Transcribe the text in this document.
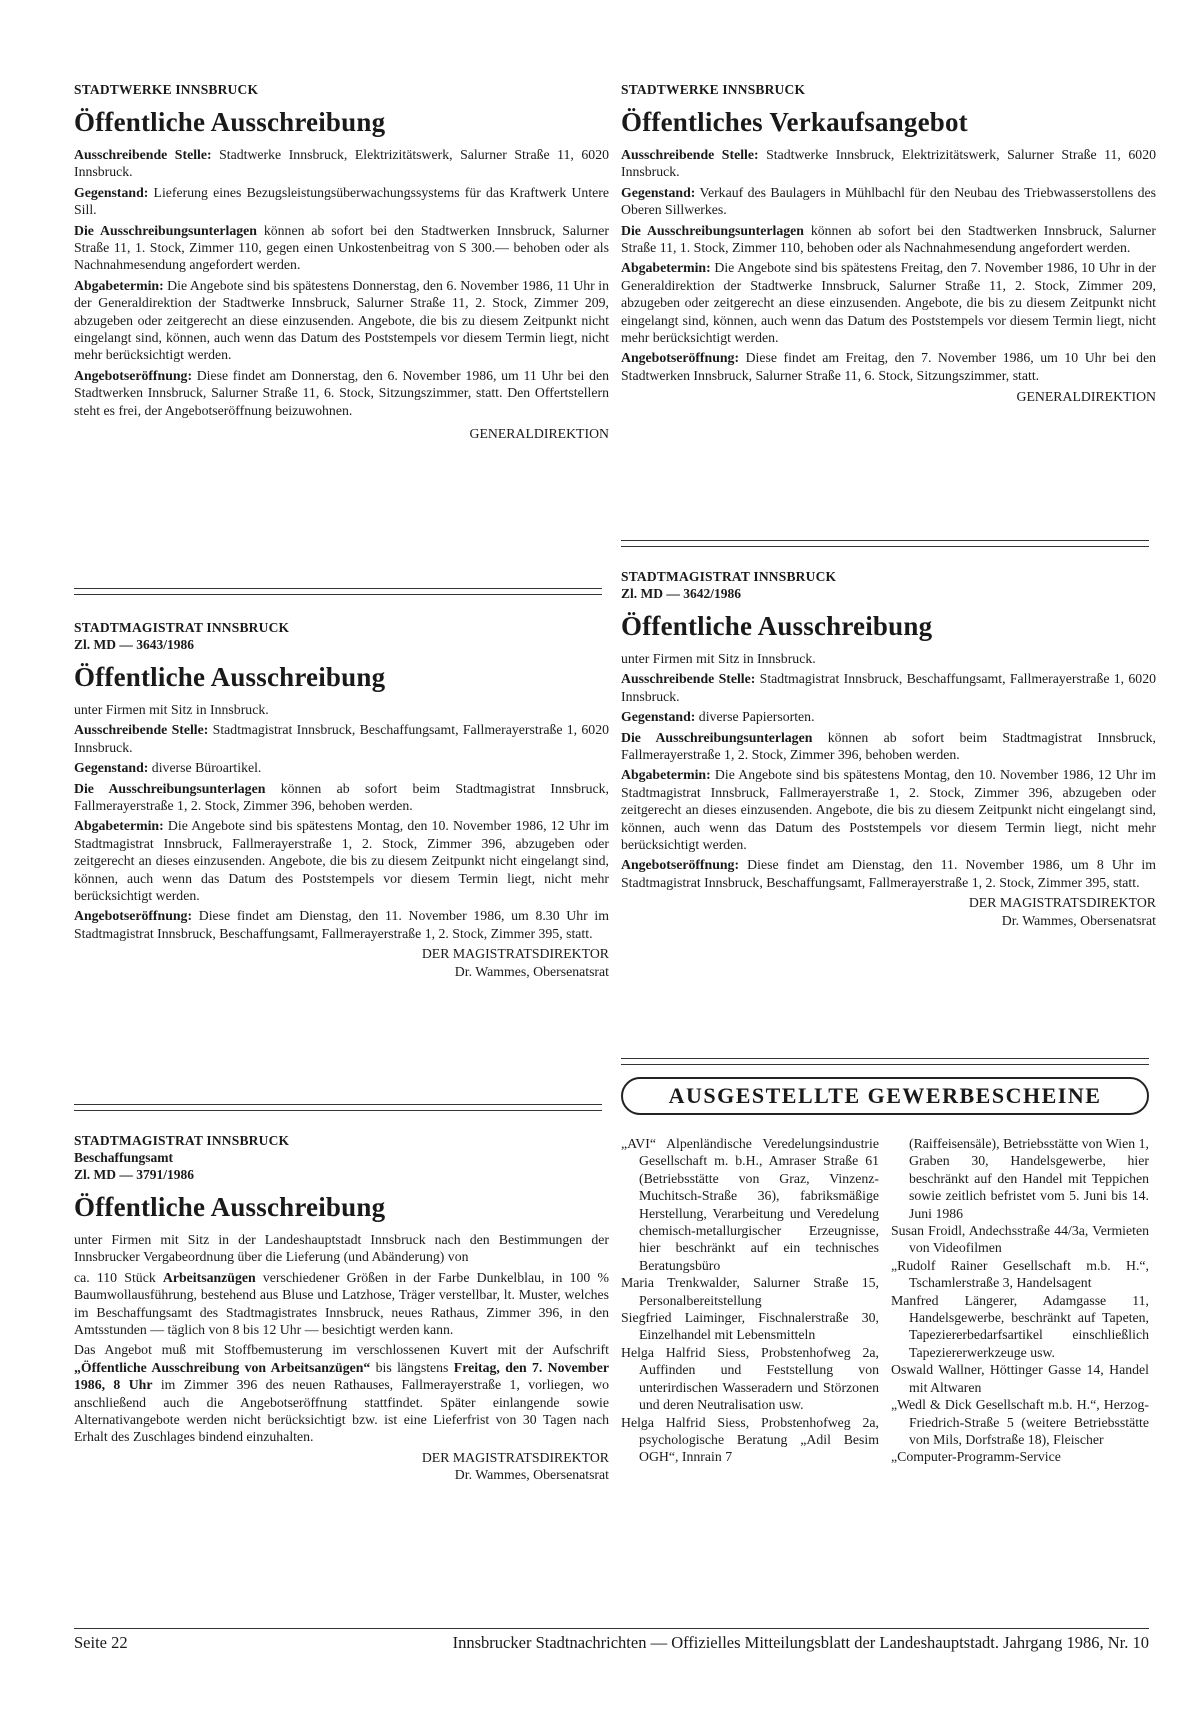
STADTWERKE INNSBRUCK

Öffentliche Ausschreibung

Ausschreibende Stelle: Stadtwerke Innsbruck, Elektrizitätswerk, Salurner Straße 11, 6020 Innsbruck.

Gegenstand: Lieferung eines Bezugsleistungsüberwachungssystems für das Kraftwerk Untere Sill.

Die Ausschreibungsunterlagen können ab sofort bei den Stadtwerken Innsbruck, Salurner Straße 11, 1. Stock, Zimmer 110, gegen einen Unkostenbeitrag von S 300.— behoben oder als Nachnahmesendung angefordert werden.

Abgabetermin: Die Angebote sind bis spätestens Donnerstag, den 6. November 1986, 11 Uhr in der Generaldirektion der Stadtwerke Innsbruck, Salurner Straße 11, 2. Stock, Zimmer 209, abzugeben oder zeitgerecht an diese einzusenden. Angebote, die bis zu diesem Zeitpunkt nicht eingelangt sind, können, auch wenn das Datum des Poststempels vor diesem Termin liegt, nicht mehr berücksichtigt werden.

Angebotseröffnung: Diese findet am Donnerstag, den 6. November 1986, um 11 Uhr bei den Stadtwerken Innsbruck, Salurner Straße 11, 6. Stock, Sitzungszimmer, statt. Den Offertstellern steht es frei, der Angebotseröffnung beizuwohnen.

GENERALDIREKTION

STADTMAGISTRAT INNSBRUCK

Zl. MD — 3643/1986

Öffentliche Ausschreibung

unter Firmen mit Sitz in Innsbruck.

Ausschreibende Stelle: Stadtmagistrat Innsbruck, Beschaffungsamt, Fallmerayerstraße 1, 6020 Innsbruck.

Gegenstand: diverse Büroartikel.

Die Ausschreibungsunterlagen können ab sofort beim Stadtmagistrat Innsbruck, Fallmerayerstraße 1, 2. Stock, Zimmer 396, behoben werden.

Abgabetermin: Die Angebote sind bis spätestens Montag, den 10. November 1986, 12 Uhr im Stadtmagistrat Innsbruck, Fallmerayerstraße 1, 2. Stock, Zimmer 396, abzugeben oder zeitgerecht an dieses einzusenden. Angebote, die bis zu diesem Zeitpunkt nicht eingelangt sind, können, auch wenn das Datum des Poststempels vor diesem Termin liegt, nicht mehr berücksichtigt werden.

Angebotseröffnung: Diese findet am Dienstag, den 11. November 1986, um 8.30 Uhr im Stadtmagistrat Innsbruck, Beschaffungsamt, Fallmerayerstraße 1, 2. Stock, Zimmer 395, statt.

DER MAGISTRATSDIREKTOR

Dr. Wammes, Obersenatsrat

STADTMAGISTRAT INNSBRUCK

Beschaffungsamt

Zl. MD — 3791/1986

Öffentliche Ausschreibung

unter Firmen mit Sitz in der Landeshauptstadt Innsbruck nach den Bestimmungen der Innsbrucker Vergabeordnung über die Lieferung (und Abänderung) von

ca. 110 Stück Arbeitsanzügen verschiedener Größen in der Farbe Dunkelblau, in 100 % Baumwollausführung, bestehend aus Bluse und Latzhose, Träger verstellbar, lt. Muster, welches im Beschaffungsamt des Stadtmagistrates Innsbruck, neues Rathaus, Zimmer 396, in den Amtsstunden — täglich von 8 bis 12 Uhr — besichtigt werden kann.

Das Angebot muß mit Stoffbemusterung im verschlossenen Kuvert mit der Aufschrift „Öffentliche Ausschreibung von Arbeitsanzügen“ bis längstens Freitag, den 7. November 1986, 8 Uhr im Zimmer 396 des neuen Rathauses, Fallmerayerstraße 1, vorliegen, wo anschließend auch die Angebotseröffnung stattfindet. Später einlangende sowie Alternativangebote werden nicht berücksichtigt bzw. ist eine Lieferfrist von 30 Tagen nach Erhalt des Zuschlages bindend einzuhalten.

DER MAGISTRATSDIREKTOR

Dr. Wammes, Obersenatsrat

STADTWERKE INNSBRUCK

Öffentliches Verkaufsangebot

Ausschreibende Stelle: Stadtwerke Innsbruck, Elektrizitätswerk, Salurner Straße 11, 6020 Innsbruck.

Gegenstand: Verkauf des Baulagers in Mühlbachl für den Neubau des Triebwasserstollens des Oberen Sillwerkes.

Die Ausschreibungsunterlagen können ab sofort bei den Stadtwerken Innsbruck, Salurner Straße 11, 1. Stock, Zimmer 110, behoben oder als Nachnahmesendung angefordert werden.

Abgabetermin: Die Angebote sind bis spätestens Freitag, den 7. November 1986, 10 Uhr in der Generaldirektion der Stadtwerke Innsbruck, Salurner Straße 11, 2. Stock, Zimmer 209, abzugeben oder zeitgerecht an diese einzusenden. Angebote, die bis zu diesem Zeitpunkt nicht eingelangt sind, können, auch wenn das Datum des Poststempels vor diesem Termin liegt, nicht mehr berücksichtigt werden.

Angebotseröffnung: Diese findet am Freitag, den 7. November 1986, um 10 Uhr bei den Stadtwerken Innsbruck, Salurner Straße 11, 6. Stock, Sitzungszimmer, statt.

GENERALDIREKTION

STADTMAGISTRAT INNSBRUCK

Zl. MD — 3642/1986

Öffentliche Ausschreibung

unter Firmen mit Sitz in Innsbruck.

Ausschreibende Stelle: Stadtmagistrat Innsbruck, Beschaffungsamt, Fallmerayerstraße 1, 6020 Innsbruck.

Gegenstand: diverse Papiersorten.

Die Ausschreibungsunterlagen können ab sofort beim Stadtmagistrat Innsbruck, Fallmerayerstraße 1, 2. Stock, Zimmer 396, behoben werden.

Abgabetermin: Die Angebote sind bis spätestens Montag, den 10. November 1986, 12 Uhr im Stadtmagistrat Innsbruck, Fallmerayerstraße 1, 2. Stock, Zimmer 396, abzugeben oder zeitgerecht an dieses einzusenden. Angebote, die bis zu diesem Zeitpunkt nicht eingelangt sind, können, auch wenn das Datum des Poststempels vor diesem Termin liegt, nicht mehr berücksichtigt werden.

Angebotseröffnung: Diese findet am Dienstag, den 11. November 1986, um 8 Uhr im Stadtmagistrat Innsbruck, Beschaffungsamt, Fallmerayerstraße 1, 2. Stock, Zimmer 395, statt.

DER MAGISTRATSDIREKTOR

Dr. Wammes, Obersenatsrat

AUSGESTELLTE GEWERBESCHEINE

„AVI“ Alpenländische Veredelungsindustrie Gesellschaft m. b.H., Amraser Straße 61 (Betriebsstätte von Graz, Vinzenz-Muchitsch-Straße 36), fabriksmäßige Herstellung, Verarbeitung und Veredelung chemisch-metallurgischer Erzeugnisse, hier beschränkt auf ein technisches Beratungsbüro

Maria Trenkwalder, Salurner Straße 15, Personalbereitstellung

Siegfried Laiminger, Fischnalerstraße 30, Einzelhandel mit Lebensmitteln

Helga Halfrid Siess, Probstenhofweg 2a, Auffinden und Feststellung von unterirdischen Wasseradern und Störzonen und deren Neutralisation usw.

Helga Halfrid Siess, Probstenhofweg 2a, psychologische Beratung „Adil Besim OGH“, Innrain 7

(Raiffeisensäle), Betriebsstätte von Wien 1, Graben 30, Handelsgewerbe, hier beschränkt auf den Handel mit Teppichen sowie zeitlich befristet vom 5. Juni bis 14. Juni 1986

Susan Froidl, Andechsstraße 44/3a, Vermieten von Videofilmen

„Rudolf Rainer Gesellschaft m.b. H.“, Tschamlerstraße 3, Handelsagent

Manfred Längerer, Adamgasse 11, Handelsgewerbe, beschränkt auf Tapeten, Tapeziererbedarfsartikel einschließlich Tapeziererwerkzeuge usw.

Oswald Wallner, Höttinger Gasse 14, Handel mit Altwaren

„Wedl & Dick Gesellschaft m.b. H.“, Herzog-Friedrich-Straße 5 (weitere Betriebsstätte von Mils, Dorfstraße 18), Fleischer

„Computer-Programm-Service

Seite 22	Innsbrucker Stadtnachrichten — Offizielles Mitteilungsblatt der Landeshauptstadt. Jahrgang 1986, Nr. 10
